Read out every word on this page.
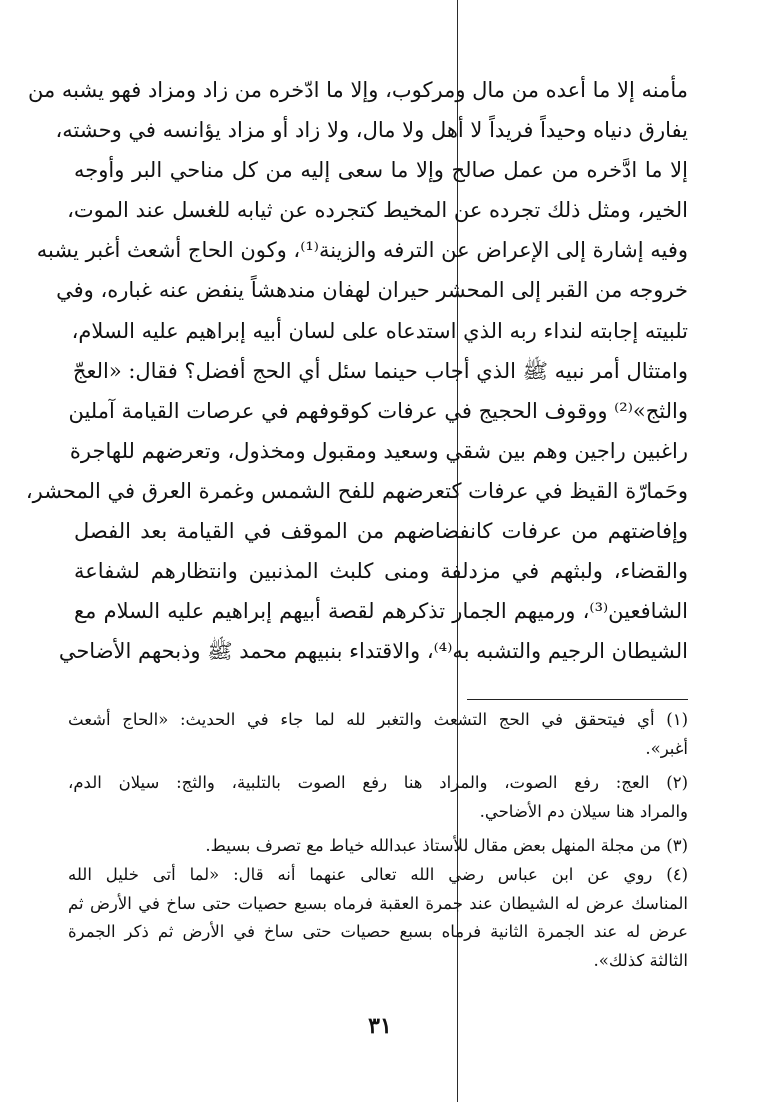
مأمنه إلا ما أعده من مال ومركوب، وإلا ما ادّخره من زاد ومزاد فهو يشبه من
يفارق دنياه وحيداً فريداً لا أهل ولا مال، ولا زاد أو مزاد يؤانسه في وحشته،
إلا ما ادَّخره من عمل صالح وإلا ما سعى إليه من كل مناحي البر وأوجه
الخير، ومثل ذلك تجرده عن المخيط كتجرده عن ثيابه للغسل عند الموت،
وفيه إشارة إلى الإعراض عن الترفه والزينة⁽¹⁾، وكون الحاج أشعث أغبر يشبه
خروجه من القبر إلى المحشر حيران لهفان مندهشاً ينفض عنه غباره، وفي
تلبيته إجابته لنداء ربه الذي استدعاه على لسان أبيه إبراهيم عليه السلام،
وامتثال أمر نبيه ﷺ الذي أجاب حينما سئل أي الحج أفضل؟ فقال: «العجّ
والثج»⁽²⁾ ووقوف الحجيج في عرفات كوقوفهم في عرصات القيامة آملين
راغبين راجين وهم بين شقي وسعيد ومقبول ومخذول، وتعرضهم للهاجرة
وحَمارّة القيظ في عرفات كتعرضهم للفح الشمس وغمرة العرق في المحشر،
وإفاضتهم من عرفات كانفضاضهم من الموقف في القيامة بعد الفصل
والقضاء، ولبثهم في مزدلفة ومنى كلبث المذنبين وانتظارهم لشفاعة
الشافعين⁽³⁾، ورميهم الجمار تذكرهم لقصة أبيهم إبراهيم عليه السلام مع
الشيطان الرجيم والتشبه به⁽⁴⁾، والاقتداء بنبيهم محمد ﷺ وذبحهم الأضاحي
(١) أي فيتحقق في الحج التشعث والتغبر لله لما جاء في الحديث: «الحاج أشعث
أغبر».
(٢) العج: رفع الصوت، والمراد هنا رفع الصوت بالتلبية، والثج: سيلان الدم،
والمراد هنا سيلان دم الأضاحي.
(٣) من مجلة المنهل بعض مقال للأستاذ عبدالله خياط مع تصرف بسيط.
(٤) روي عن ابن عباس رضي الله تعالى عنهما أنه قال: «لما أتى خليل الله
المناسك عرض له الشيطان عند جمرة العقبة فرماه بسبع حصيات حتى ساخ في الأرض ثم
عرض له عند الجمرة الثانية فرماه بسبع حصيات حتى ساخ في الأرض ثم ذكر الجمرة
الثالثة كذلك».
٣١
